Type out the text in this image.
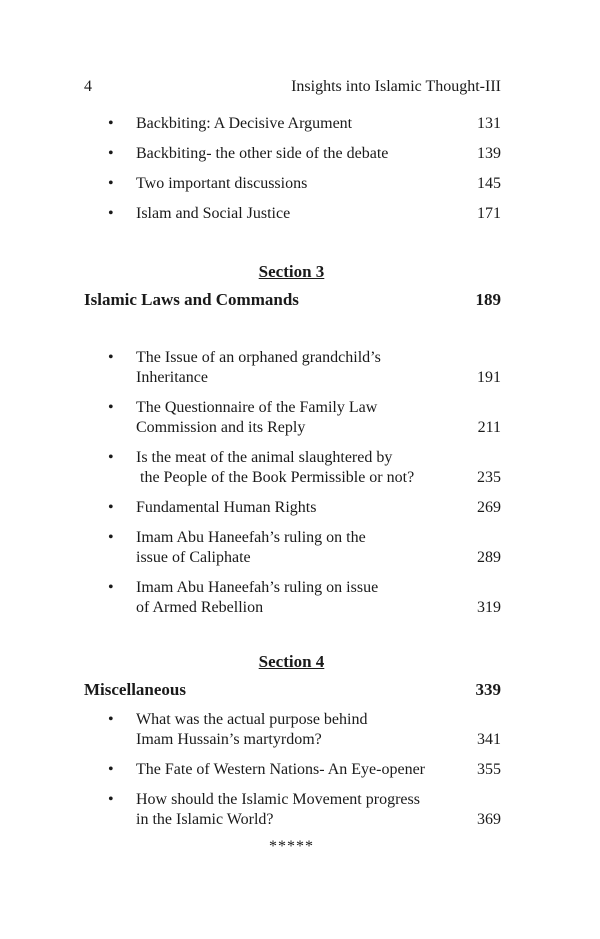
4	Insights into Islamic Thought-III
•	Backbiting: A Decisive Argument	131
•	Backbiting- the other side of the debate	139
•	Two important discussions	145
•	Islam and Social Justice	171
Section 3
Islamic Laws and Commands	189
•	The Issue of an orphaned grandchild’s
Inheritance	191
•	The Questionnaire of the Family Law
Commission and its Reply	211
•	Is the meat of the animal slaughtered by
the People of the Book Permissible or not?	235
•	Fundamental Human Rights	269
•	Imam Abu Haneefah’s ruling on the
issue of Caliphate	289
•	Imam Abu Haneefah’s ruling on issue
of Armed Rebellion	319
Section 4
Miscellaneous	339
•	What was the actual purpose behind
Imam Hussain’s martyrdom?	341
•	The Fate of Western Nations- An Eye-opener	355
•	How should the Islamic Movement progress
in the Islamic World?	369
*****
